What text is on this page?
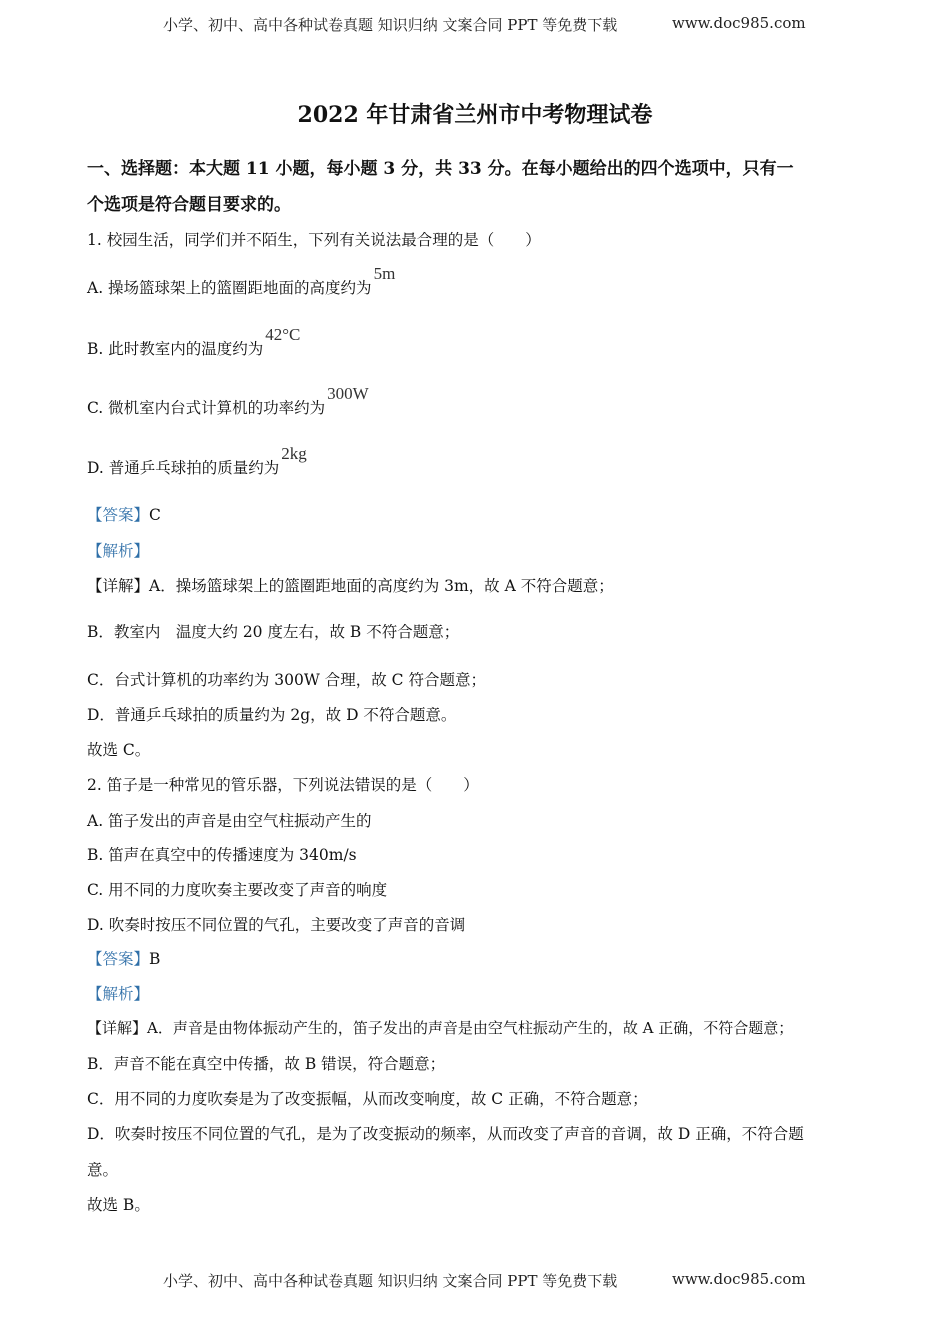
小学、初中、高中各种试卷真题 知识归纳 文案合同 PPT 等免费下载	www.doc985.com
2022 年甘肃省兰州市中考物理试卷
一、选择题：本大题 11 小题，每小题 3 分，共 33 分。在每小题给出的四个选项中，只有一
个选项是符合题目要求的。
1. 校园生活，同学们并不陌生，下列有关说法最合理的是（　　）
A. 操场篮球架上的篮圈距地面的高度约为5m
B. 此时教室内的温度约为42°C
C. 微机室内台式计算机的功率约为300W
D. 普通乒乓球拍的质量约为2kg
【答案】C
【解析】
【详解】A．操场篮球架上的篮圈距地面的高度约为 3m，故 A 不符合题意；
B．教室内　温度大约 20 度左右，故 B 不符合题意；
C．台式计算机的功率约为 300W 合理，故 C 符合题意；
D．普通乒乓球拍的质量约为 2g，故 D 不符合题意。
故选 C。
2. 笛子是一种常见的管乐器，下列说法错误的是（　　）
A. 笛子发出的声音是由空气柱振动产生的
B. 笛声在真空中的传播速度为 340m/s
C. 用不同的力度吹奏主要改变了声音的响度
D. 吹奏时按压不同位置的气孔，主要改变了声音的音调
【答案】B
【解析】
【详解】A．声音是由物体振动产生的，笛子发出的声音是由空气柱振动产生的，故 A 正确，不符合题意；
B．声音不能在真空中传播，故 B 错误，符合题意；
C．用不同的力度吹奏是为了改变振幅，从而改变响度，故 C 正确，不符合题意；
D．吹奏时按压不同位置的气孔，是为了改变振动的频率，从而改变了声音的音调，故 D 正确，不符合题
意。
故选 B。
小学、初中、高中各种试卷真题 知识归纳 文案合同 PPT 等免费下载	www.doc985.com
